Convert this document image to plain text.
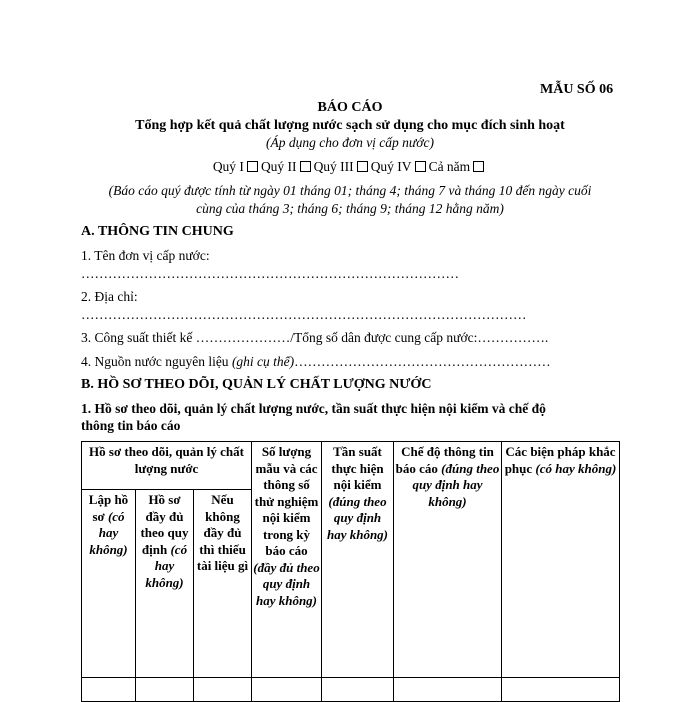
MẪU SỐ 06
BÁO CÁO
Tổng hợp kết quả chất lượng nước sạch sử dụng cho mục đích sinh hoạt
(Áp dụng cho đơn vị cấp nước)
Quý I Quý II Quý III Quý IV Cả năm
(Báo cáo quý được tính từ ngày 01 tháng 01; tháng 4; tháng 7 và tháng 10 đến ngày cuối
cùng của tháng 3; tháng 6; tháng 9; tháng 12 hằng năm)
A. THÔNG TIN CHUNG
1. Tên đơn vị cấp nước:
…………………………………………………………………………
2. Địa chỉ:
………………………………………………………………………………………
3. Công suất thiết kế …………………/Tổng số dân được cung cấp nước:…………….
4. Nguồn nước nguyên liệu (ghi cụ thể)…………………………………………………
B. HỒ SƠ THEO DÕI, QUẢN LÝ CHẤT LƯỢNG NƯỚC
1. Hồ sơ theo dõi, quản lý chất lượng nước, tần suất thực hiện nội kiểm và chế độ
thông tin báo cáo
Hồ sơ theo dõi, quản lý chất lượng nước			Số lượng mẫu và các thông số thử nghiệm nội kiểm trong kỳ báo cáo (đầy đủ theo quy định hay không)	Tần suất thực hiện nội kiểm (đúng theo quy định hay không)	Chế độ thông tin báo cáo (đúng theo quy định hay không)	Các biện pháp khắc phục (có hay không)
Lập hồ sơ (có hay không)	Hồ sơ đầy đủ theo quy định (có hay không)	Nếu không đầy đủ thì thiếu tài liệu gì				
